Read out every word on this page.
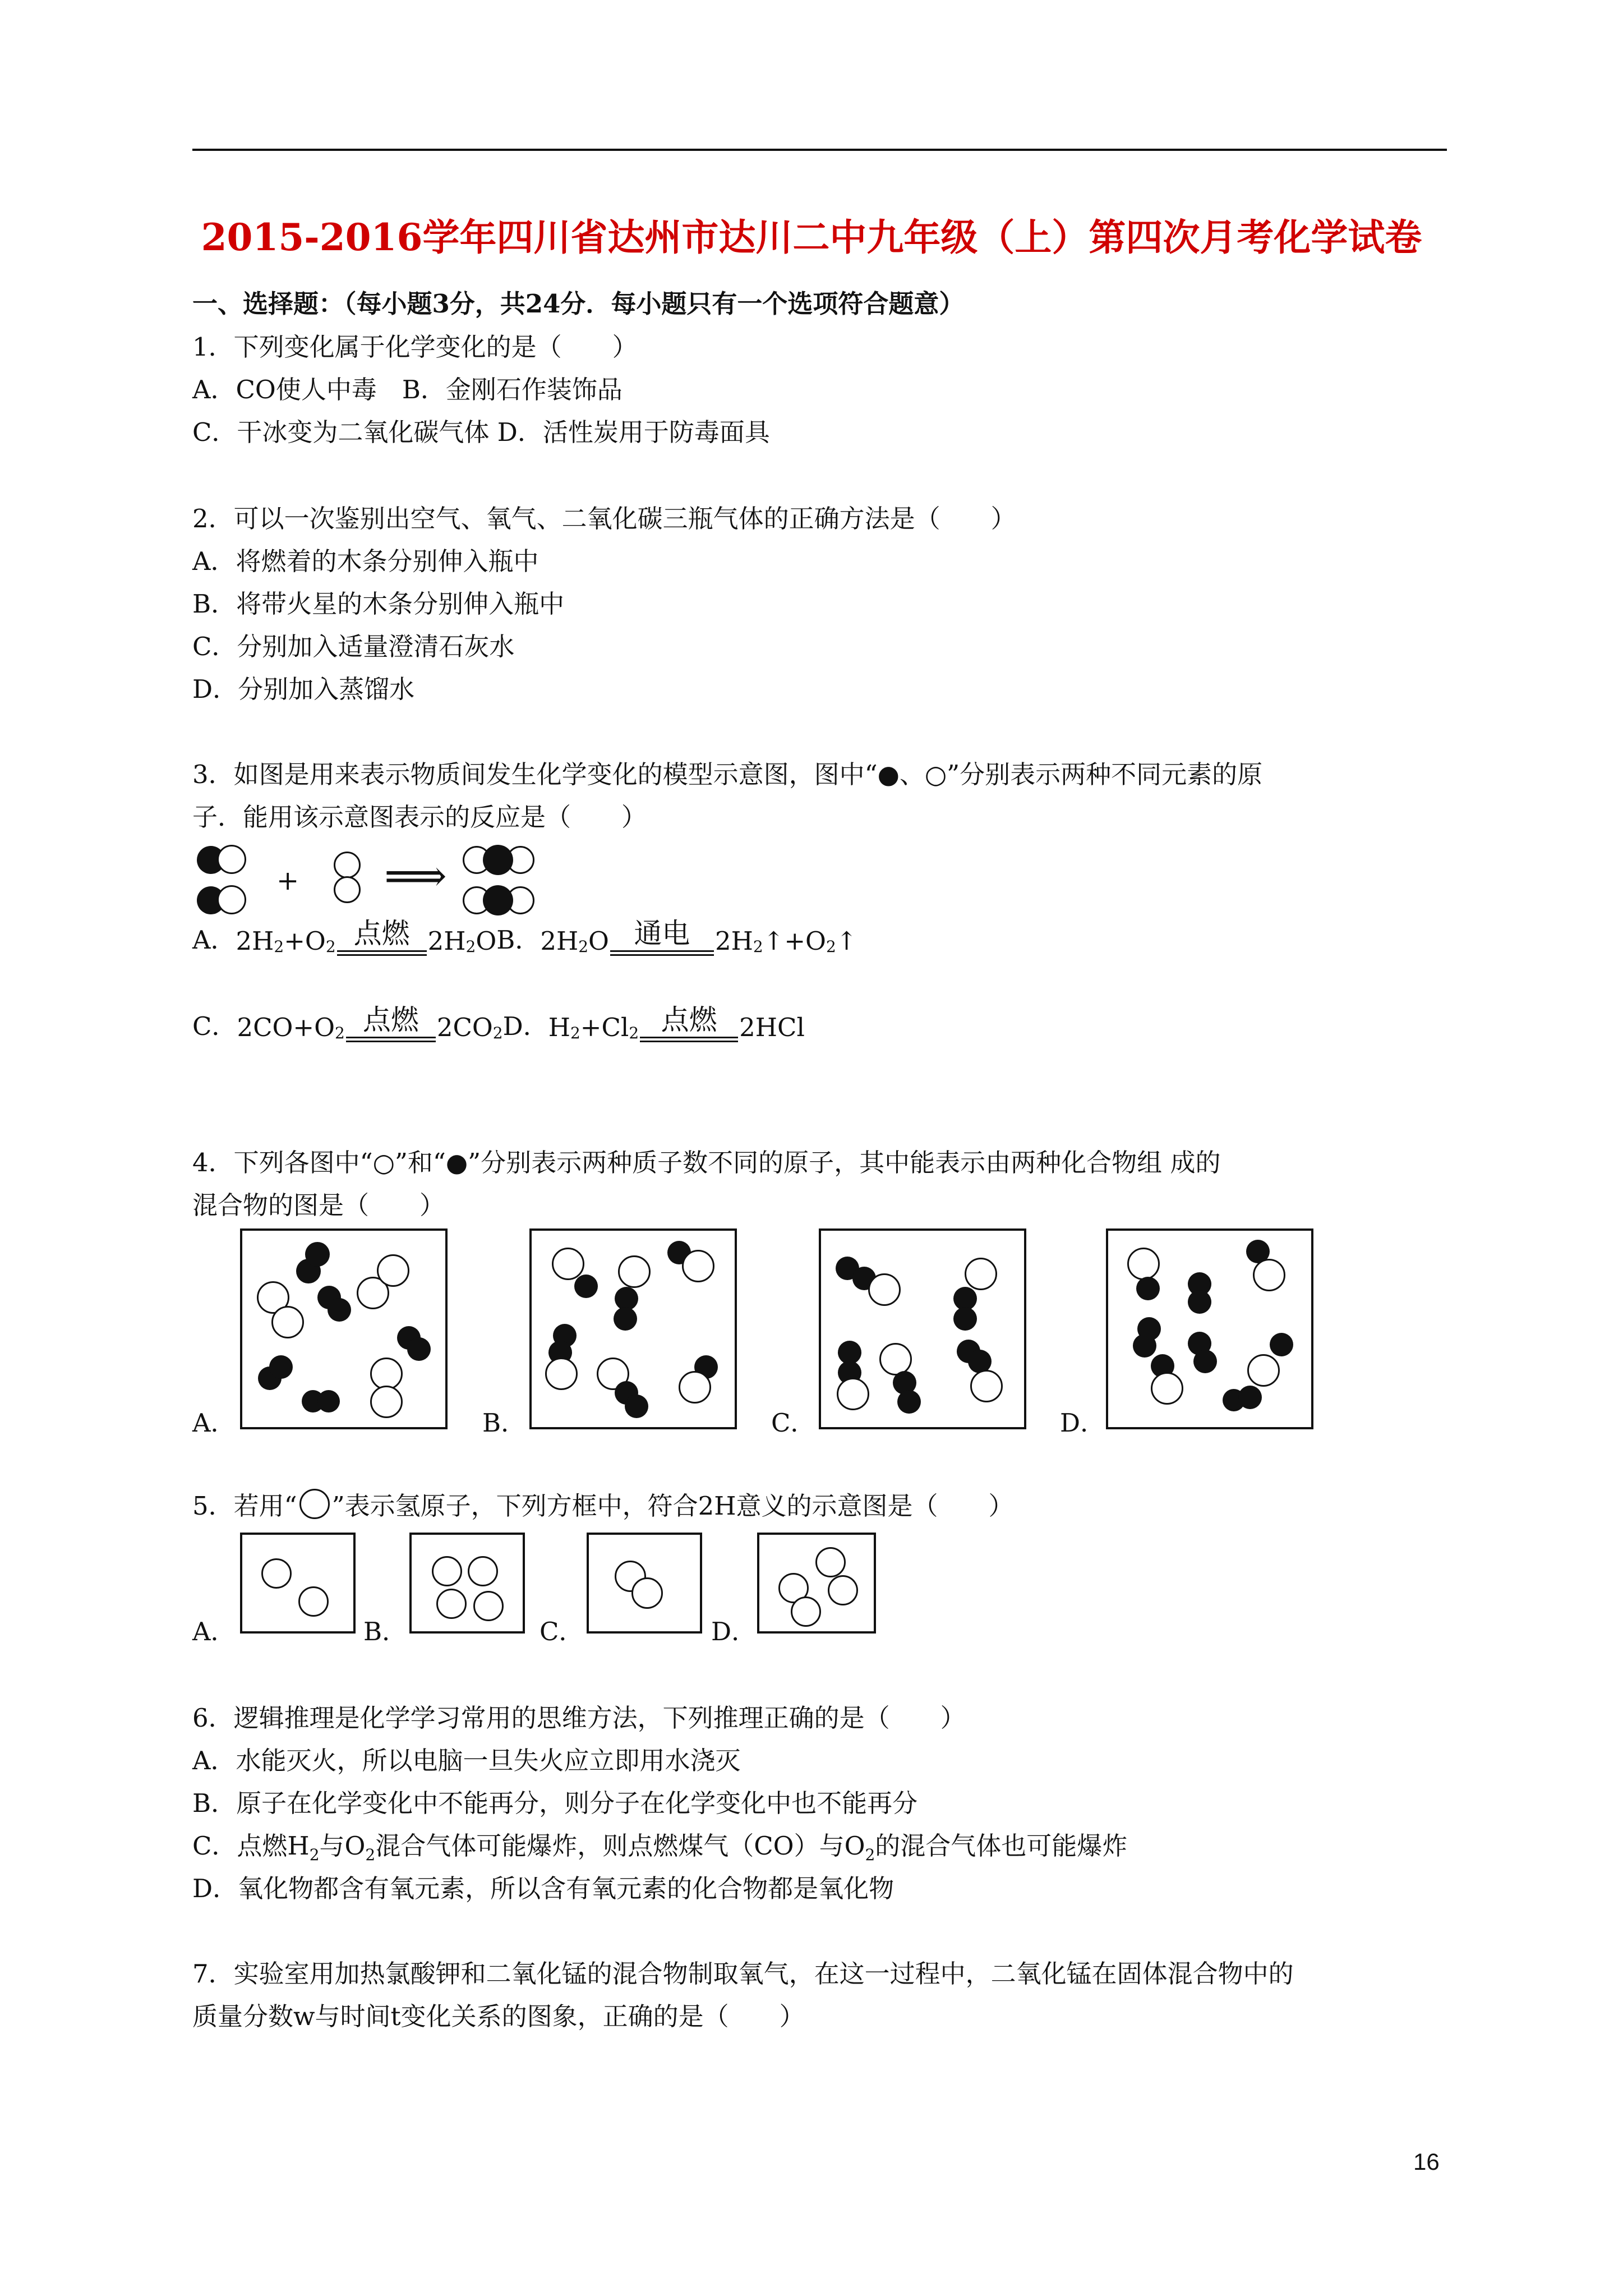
2015-2016学年四川省达州市达川二中九年级（上）第四次月考化学试卷
一、选择题：（每小题3分，共24分．每小题只有一个选项符合题意）
1．下列变化属于化学变化的是（　　）
A．CO使人中毒　B．金刚石作装饰品
C．干冰变为二氧化碳气体 D．活性炭用于防毒面具
2．可以一次鉴别出空气、氧气、二氧化碳三瓶气体的正确方法是（　　）
A．将燃着的木条分别伸入瓶中
B．将带火星的木条分别伸入瓶中
C．分别加入适量澄清石灰水
D．分别加入蒸馏水
3．如图是用来表示物质间发生化学变化的模型示意图，图中“●、○”分别表示两种不同元素的原
子．能用该示意图表示的反应是（　　）
+ ⟹
A． $2H_2 +O_2$ 点燃 $2H_2$ O B． $2H_2$ O 通电 $2H_2$ $↑+O_2$ ↑
C． $2CO+O_2$ 点燃 $2CO_2$ D． $H_2 +Cl_2$ 点燃 2HCl
4．下列各图中“○”和“●”分别表示两种质子数不同的原子，其中能表示由两种化合物组 成的
混合物的图是（　　）
A．	B．	C．	D．
5．若用“ ”表示氢原子，下列方框中，符合2H意义的示意图是（　　）
A．	B．	C．	D．
6．逻辑推理是化学学习常用的思维方法，下列推理正确的是（　　）
A．水能灭火，所以电脑一旦失火应立即用水浇灭
B．原子在化学变化中不能再分，则分子在化学变化中也不能再分
C．点燃$H_2$与$O_2$混合气体可能爆炸，则点燃煤气（CO）与$O_2$的混合气体也可能爆炸
D．氧化物都含有氧元素，所以含有氧元素的化合物都是氧化物
7．实验室用加热氯酸钾和二氧化锰的混合物制取氧气，在这一过程中，二氧化锰在固体混合物中的
质量分数w与时间t变化关系的图象，正确的是（　　）
16
